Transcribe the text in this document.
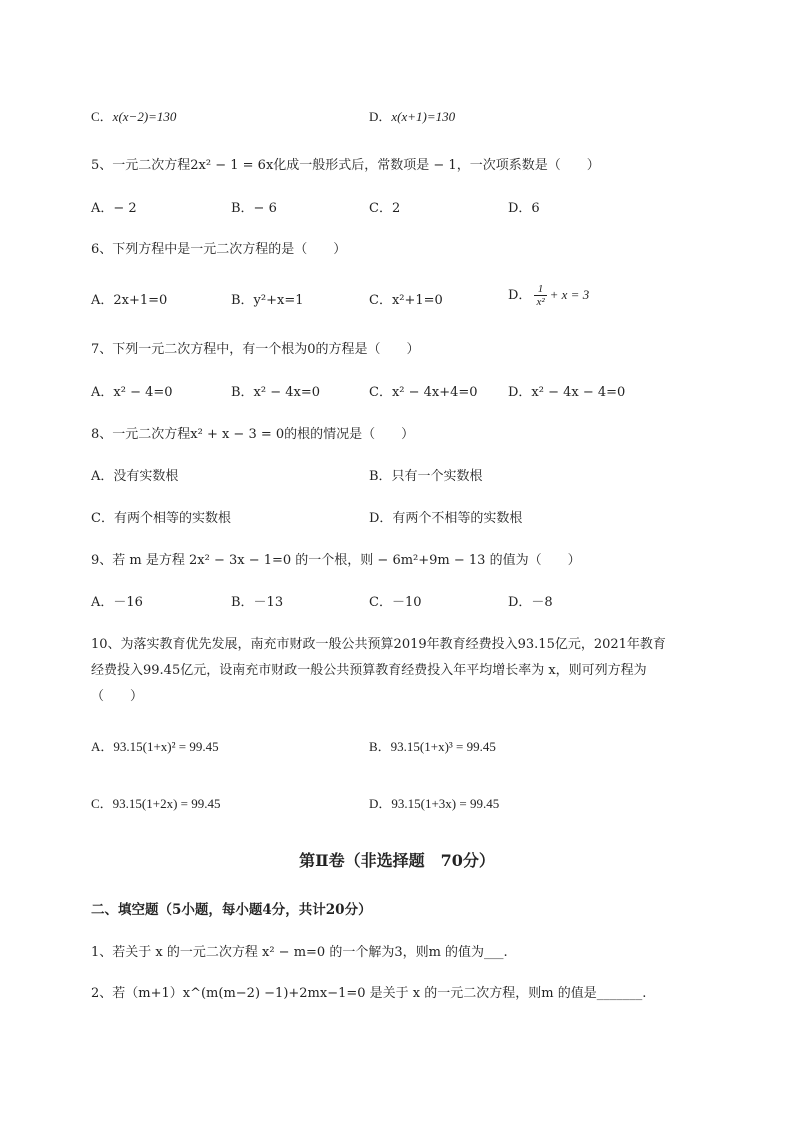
C．x(x−2)=130	D．x(x+1)=130
5、一元二次方程2x² − 1 = 6x化成一般形式后，常数项是 − 1，一次项系数是（　　）
A．− 2	B．− 6	C．2	D．6
6、下列方程中是一元二次方程的是（　　）
A．2x+1=0	B．y²+x=1	C．x²+1=0	D． $\frac{1}{\text{x²}} + x = 3$
7、下列一元二次方程中，有一个根为0的方程是（　　）
A．x² − 4=0	B．x² − 4x=0	C．x² − 4x+4=0 D．x² − 4x − 4=0
8、一元二次方程x² + x − 3 = 0的根的情况是（　　）
A．没有实数根	B．只有一个实数根
C．有两个相等的实数根	D．有两个不相等的实数根
9、若 m 是方程 2x² − 3x − 1=0 的一个根，则 − 6m²+9m − 13 的值为（　　）
A．－16	B．－13	C．－10	D．－8
10、为落实教育优先发展，南充市财政一般公共预算2019年教育经费投入93.15亿元，2021年教育
经费投入99.45亿元，设南充市财政一般公共预算教育经费投入年平均增长率为 x，则可列方程为
（　　）
A．93.15(1+x)² = 99.45	B．93.15(1+x)³ = 99.45
C．93.15(1+2x) = 99.45	D．93.15(1+3x) = 99.45
第Ⅱ卷（非选择题　70分）
二、填空题（5小题，每小题4分，共计20分）
1、若关于 x 的一元二次方程 x² − m=0 的一个解为3，则m 的值为___.
2、若（m+1）x^(m(m−2) −1)+2mx−1=0 是关于 x 的一元二次方程，则m 的值是_______.
